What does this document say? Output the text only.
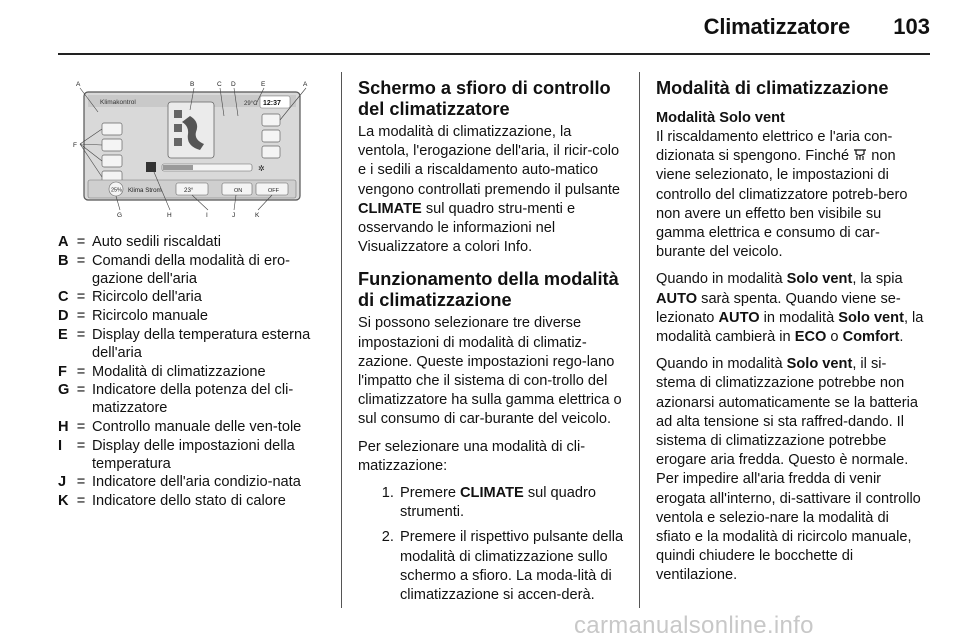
Climatizzatore	103
Klimakontrol	29°C 12:37
✲
25% Klima Strom	23°	ON	OFF
A	B	C D	E	A
F
G	H	I	J	K
A = Auto sedili riscaldati
B = Comandi della modalità di ero-gazione dell'aria
C = Ricircolo dell'aria
D = Ricircolo manuale
E = Display della temperatura esterna dell'aria
F = Modalità di climatizzazione
G = Indicatore della potenza del cli-matizzatore
H = Controllo manuale delle ven-tole
I	= Display delle impostazioni della temperatura
J = Indicatore dell'aria condizio-nata
K = Indicatore dello stato di calore
Schermo a sfioro di controllo del climatizzatore

La modalità di climatizzazione, la ventola, l'erogazione dell'aria, il ricir-colo e i sedili a riscaldamento auto-matico vengono controllati premendo il pulsante CLIMATE sul quadro stru-menti e osservando le informazioni nel Visualizzatore a colori Info.

Funzionamento della modalità di climatizzazione

Si possono selezionare tre diverse impostazioni di modalità di climatiz-zazione. Queste impostazioni rego-lano l'impatto che il sistema di con-trollo del climatizzatore ha sulla gamma elettrica o sul consumo di car-burante del veicolo.

Per selezionare una modalità di cli-matizzazione:

1. Premere CLIMATE sul quadro strumenti.
2. Premere il rispettivo pulsante della modalità di climatizzazione sullo schermo a sfioro. La moda-lità di climatizzazione si accen-derà.
Modalità di climatizzazione
Modalità Solo vent

Il riscaldamento elettrico e l'aria con-dizionata si spengono. Finché  non viene selezionato, le impostazioni di controllo del climatizzatore potreb-bero non avere un effetto ben visibile su gamma elettrica e consumo di car-burante del veicolo.

Quando in modalità Solo vent, la spia AUTO sarà spenta. Quando viene se-lezionato AUTO in modalità Solo vent, la modalità cambierà in ECO o Comfort.

Quando in modalità Solo vent, il si-stema di climatizzazione potrebbe non azionarsi automaticamente se la batteria ad alta tensione si sta raffred-dando. Il sistema di climatizzazione potrebbe erogare aria fredda. Questo è normale. Per impedire all'aria fredda di venir erogata all'interno, di-sattivare il controllo ventola e selezio-nare la modalità di sfiato e la modalità di ricircolo manuale, quindi chiudere le bocchette di ventilazione.

carmanualsonline.info
